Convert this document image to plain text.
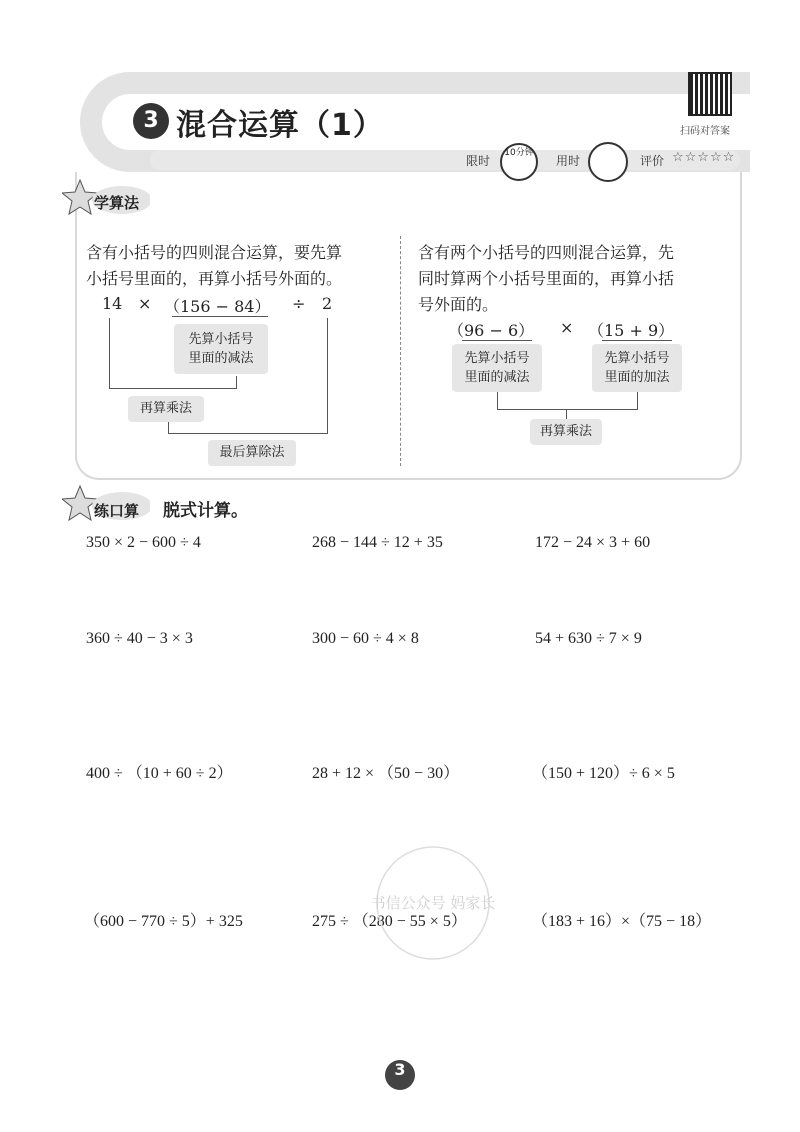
3 混合运算（1）	扫码对答案
限时
10分钟
用时	评价 ☆☆☆☆☆
学算法
含有小括号的四则混合运算，要先算
小括号里面的，再算小括号外面的。
14 × （156 − 84） ÷ 2
先算小括号
里面的减法
再算乘法
最后算除法
含有两个小括号的四则混合运算，先
同时算两个小括号里面的，再算小括
号外面的。
（96 − 6） × （15 + 9）
先算小括号
里面的减法
先算小括号
里面的加法
再算乘法
练口算 脱式计算。
350 × 2 − 600 ÷ 4	268 − 144 ÷ 12 + 35	172 − 24 × 3 + 60
360 ÷ 40 − 3 × 3	300 − 60 ÷ 4 × 8	54 + 630 ÷ 7 × 9
400 ÷ （10 + 60 ÷ 2）	28 + 12 × （50 − 30）	（150 + 120）÷ 6 × 5
（600 − 770 ÷ 5）+ 325	275 ÷ （280 − 55 × 5）	（183 + 16）×（75 − 18）
书信公众号 妈家长
3
